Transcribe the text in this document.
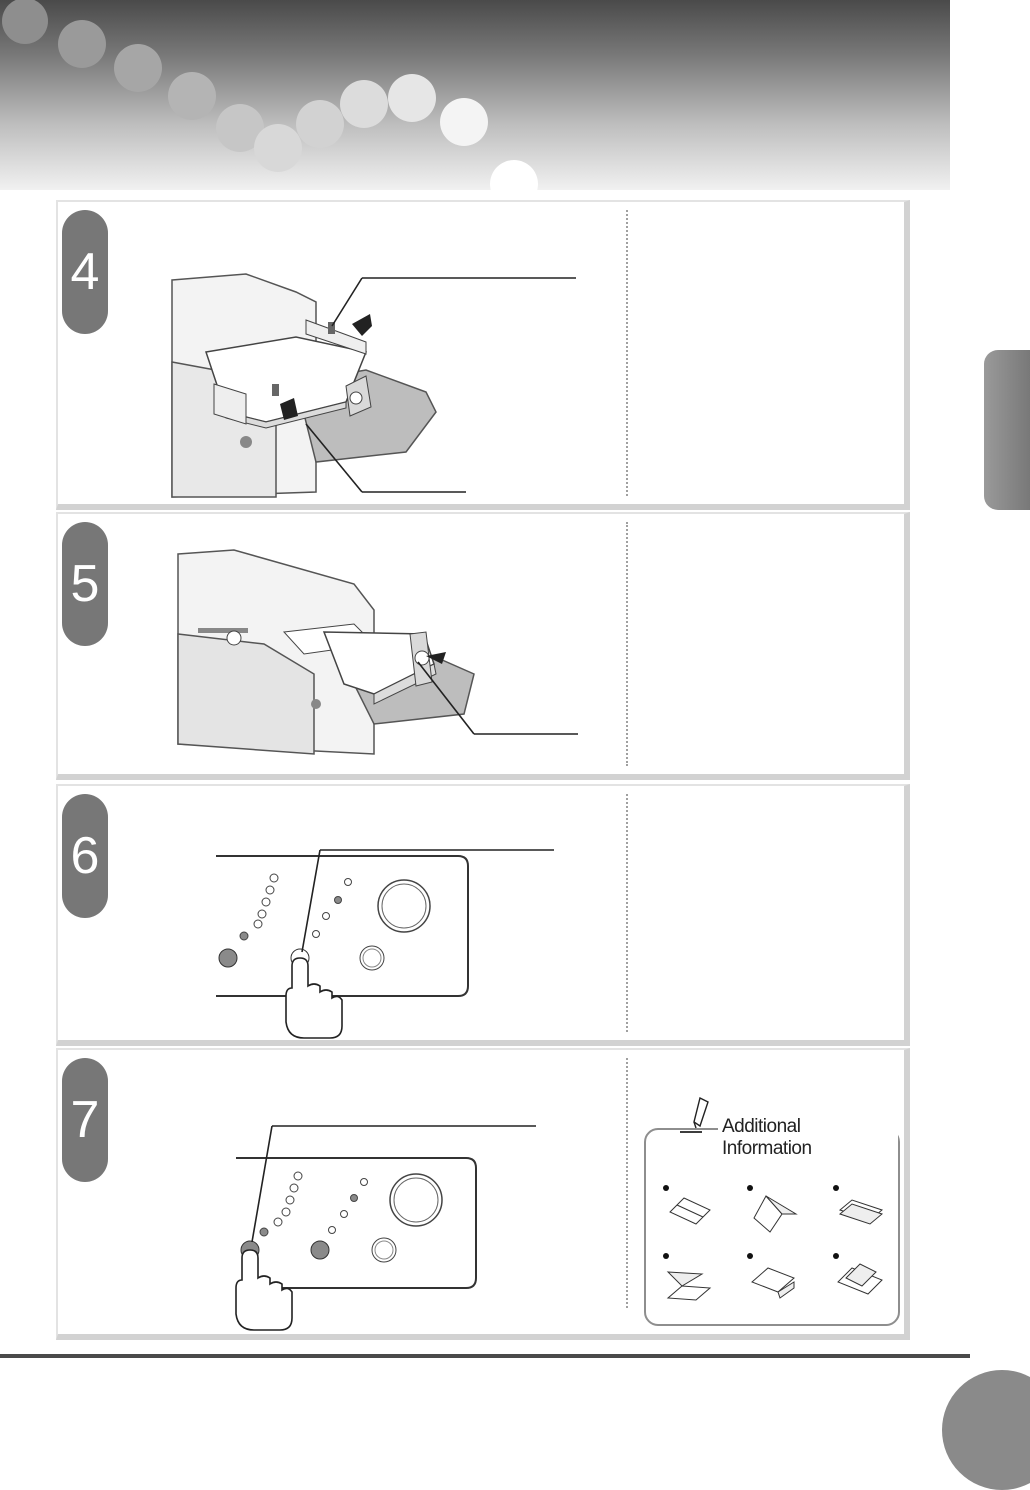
4
5
6
7	Additional Information
